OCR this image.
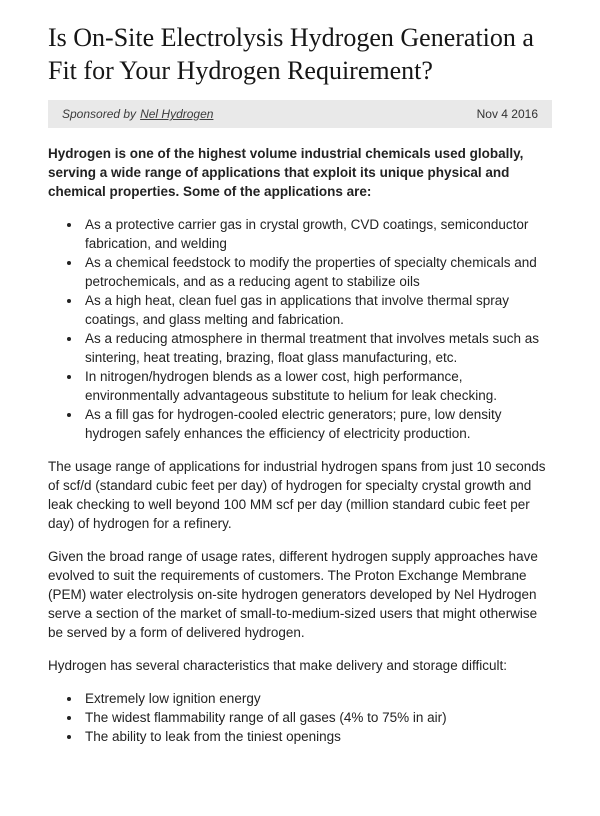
Is On-Site Electrolysis Hydrogen Generation a Fit for Your Hydrogen Requirement?
Sponsored by Nel Hydrogen	Nov 4 2016

Hydrogen is one of the highest volume industrial chemicals used globally, serving a wide range of applications that exploit its unique physical and chemical properties. Some of the applications are:

• As a protective carrier gas in crystal growth, CVD coatings, semiconductor fabrication, and welding
• As a chemical feedstock to modify the properties of specialty chemicals and petrochemicals, and as a reducing agent to stabilize oils
• As a high heat, clean fuel gas in applications that involve thermal spray coatings, and glass melting and fabrication.
• As a reducing atmosphere in thermal treatment that involves metals such as sintering, heat treating, brazing, float glass manufacturing, etc.
• In nitrogen/hydrogen blends as a lower cost, high performance, environmentally advantageous substitute to helium for leak checking.
• As a fill gas for hydrogen-cooled electric generators; pure, low density hydrogen safely enhances the efficiency of electricity production.

The usage range of applications for industrial hydrogen spans from just 10 seconds of scf/d (standard cubic feet per day) of hydrogen for specialty crystal growth and leak checking to well beyond 100 MM scf per day (million standard cubic feet per day) of hydrogen for a refinery.

Given the broad range of usage rates, different hydrogen supply approaches have evolved to suit the requirements of customers. The Proton Exchange Membrane (PEM) water electrolysis on-site hydrogen generators developed by Nel Hydrogen serve a section of the market of small-to-medium-sized users that might otherwise be served by a form of delivered hydrogen.

Hydrogen has several characteristics that make delivery and storage difficult:

• Extremely low ignition energy
• The widest flammability range of all gases (4% to 75% in air)
• The ability to leak from the tiniest openings
